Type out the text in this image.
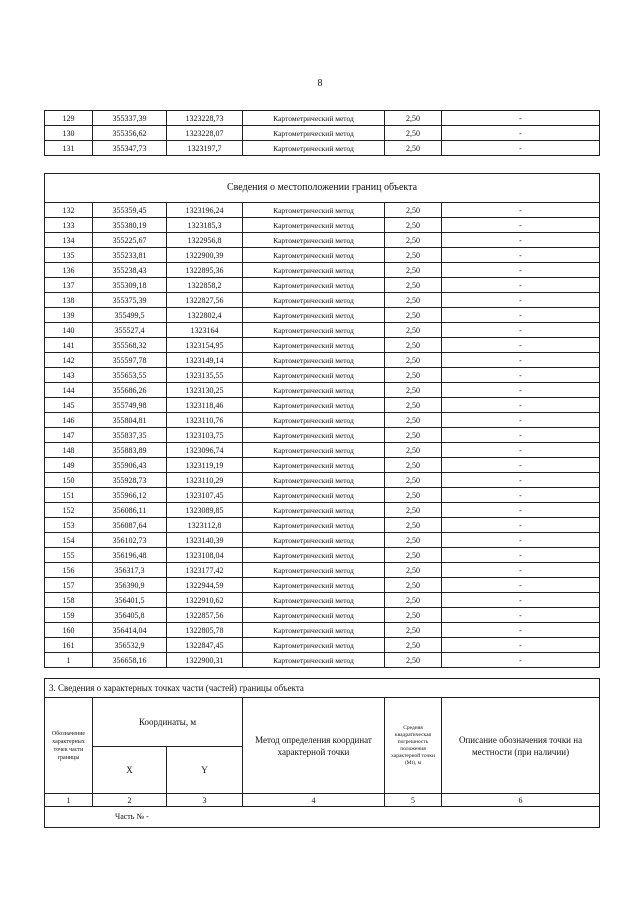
8
129	355337,39	1323228,73	Картометрический метод	2,50	-
130	355356,62	1323228,07	Картометрический метод	2,50	-
131	355347,73	1323197,7	Картометрический метод	2,50	-
Сведения о местоположении границ объекта					
132	355359,45	1323196,24	Картометрический метод	2,50	-
133	355380,19	1323185,3	Картометрический метод	2,50	-
134	355225,67	1322956,8	Картометрический метод	2,50	-
135	355233,81	1322900,39	Картометрический метод	2,50	-
136	355238,43	1322895,36	Картометрический метод	2,50	-
137	355309,18	1322858,2	Картометрический метод	2,50	-
138	355375,39	1322827,56	Картометрический метод	2,50	-
139	355499,5	1322802,4	Картометрический метод	2,50	-
140	355527,4	1323164	Картометрический метод	2,50	-
141	355568,32	1323154,95	Картометрический метод	2,50	-
142	355597,78	1323149,14	Картометрический метод	2,50	-
143	355653,55	1323135,55	Картометрический метод	2,50	-
144	355686,26	1323130,25	Картометрический метод	2,50	-
145	355749,98	1323118,46	Картометрический метод	2,50	-
146	355804,81	1323110,76	Картометрический метод	2,50	-
147	355837,35	1323103,75	Картометрический метод	2,50	-
148	355883,89	1323096,74	Картометрический метод	2,50	-
149	355906,43	1323119,19	Картометрический метод	2,50	-
150	355928,73	1323110,29	Картометрический метод	2,50	-
151	355966,12	1323107,45	Картометрический метод	2,50	-
152	356086,11	1323089,85	Картометрический метод	2,50	-
153	356087,64	1323112,8	Картометрический метод	2,50	-
154	356102,73	1323140,39	Картометрический метод	2,50	-
155	356196,48	1323108,04	Картометрический метод	2,50	-
156	356317,3	1323177,42	Картометрический метод	2,50	-
157	356390,9	1322944,59	Картометрический метод	2,50	-
158	356401,5	1322910,62	Картометрический метод	2,50	-
159	356405,8	1322857,56	Картометрический метод	2,50	-
160	356414,04	1322805,78	Картометрический метод	2,50	-
161	356532,9	1322847,45	Картометрический метод	2,50	-
1	356658,16	1322900,31	Картометрический метод	2,50	-
3. Сведения о характерных точках части (частей) границы объекта					
Обозначение характерных точек части границы	Координаты, м		Метод определения координат характерной точки	Средняя квадратическая погрешность положения характерной точки (Mt), м	Описание обозначения точки на местности (при наличии)
	X	Y			
1	2	3	4	5	6
Часть № -					
